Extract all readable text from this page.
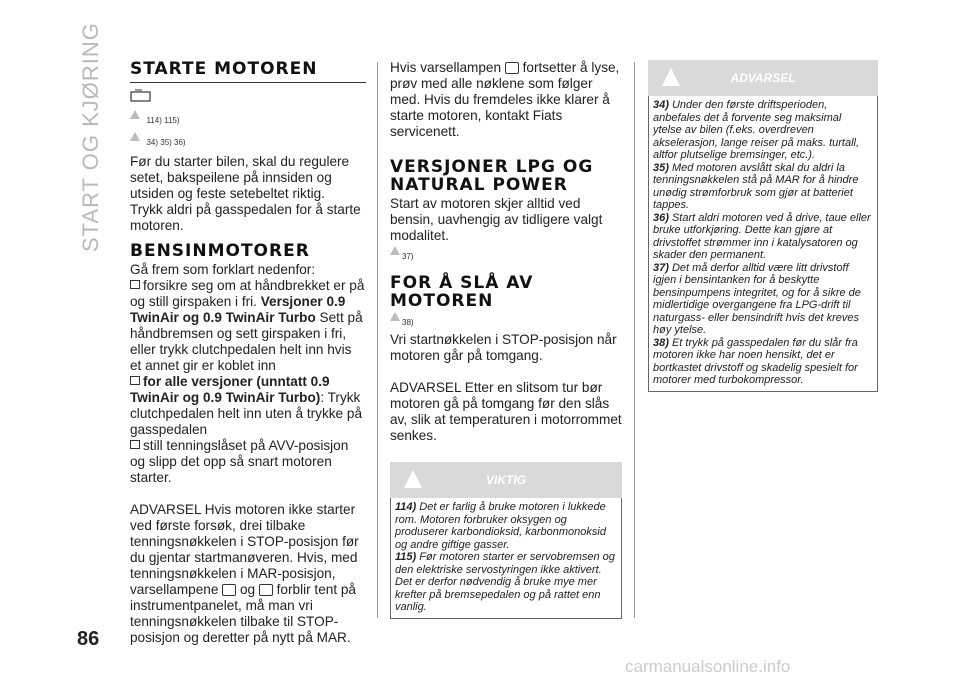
START OG KJØRING
86
STARTE MOTOREN
114) 115)
34) 35) 36)

Før du starter bilen, skal du regulere setet, bakspeilene på innsiden og utsiden og feste setebeltet riktig.

Trykk aldri på gasspedalen for å starte motoren.

BENSINMOTORER

Gå frem som forklart nedenfor:

forsikre seg om at håndbrekket er på og still girspaken i fri. Versjoner 0.9 TwinAir og 0.9 TwinAir Turbo Sett på håndbremsen og sett girspaken i fri, eller trykk clutchpedalen helt inn hvis et annet gir er koblet inn

for alle versjoner (unntatt 0.9 TwinAir og 0.9 TwinAir Turbo): Trykk clutchpedalen helt inn uten å trykke på gasspedalen

still tenningslåset på AVV-posisjon og slipp det opp så snart motoren starter.

ADVARSEL Hvis motoren ikke starter ved første forsøk, drei tilbake tenningsnøkkelen i STOP-posisjon før du gjentar startmanøveren. Hvis, med tenningsnøkkelen i MAR-posisjon, varsellampene og forblir tent på instrumentpanelet, må man vri tenningsnøkkelen tilbake til STOP-posisjon og deretter på nytt på MAR.

Hvis varsellampen fortsetter å lyse, prøv med alle nøklene som følger med. Hvis du fremdeles ikke klarer å starte motoren, kontakt Fiats servicenett.

VERSJONER LPG OG NATURAL POWER

Start av motoren skjer alltid ved bensin, uavhengig av tidligere valgt modalitet.

37)
FOR Å SLÅ AV MOTOREN
38)

Vri startnøkkelen i STOP-posisjon når motoren går på tomgang.

ADVARSEL Etter en slitsom tur bør motoren gå på tomgang før den slås av, slik at temperaturen i motorrommet senkes.

VIKTIG

114) Det er farlig å bruke motoren i lukkede rom. Motoren forbruker oksygen og produserer karbondioksid, karbonmonoksid og andre giftige gasser.

115) Før motoren starter er servobremsen og den elektriske servostyringen ikke aktivert. Det er derfor nødvendig å bruke mye mer krefter på bremsepedalen og på rattet enn vanlig.

ADVARSEL

34) Under den første driftsperioden, anbefales det å forvente seg maksimal ytelse av bilen (f.eks. overdreven akselerasjon, lange reiser på maks. turtall, altfor plutselige bremsinger, etc.).

35) Med motoren avslått skal du aldri la tenningsnøkkelen stå på MAR for å hindre unødig strømforbruk som gjør at batteriet tappes.

36) Start aldri motoren ved å drive, taue eller bruke utforkjøring. Dette kan gjøre at drivstoffet strømmer inn i katalysatoren og skader den permanent.

37) Det må derfor alltid være litt drivstoff igjen i bensintanken for å beskytte bensinpumpens integritet, og for å sikre de midlertidige overgangene fra LPG-drift til naturgass- eller bensindrift hvis det kreves høy ytelse.

38) Et trykk på gasspedalen før du slår fra motoren ikke har noen hensikt, det er bortkastet drivstoff og skadelig spesielt for motorer med turbokompressor.

carmanualsonline.info
